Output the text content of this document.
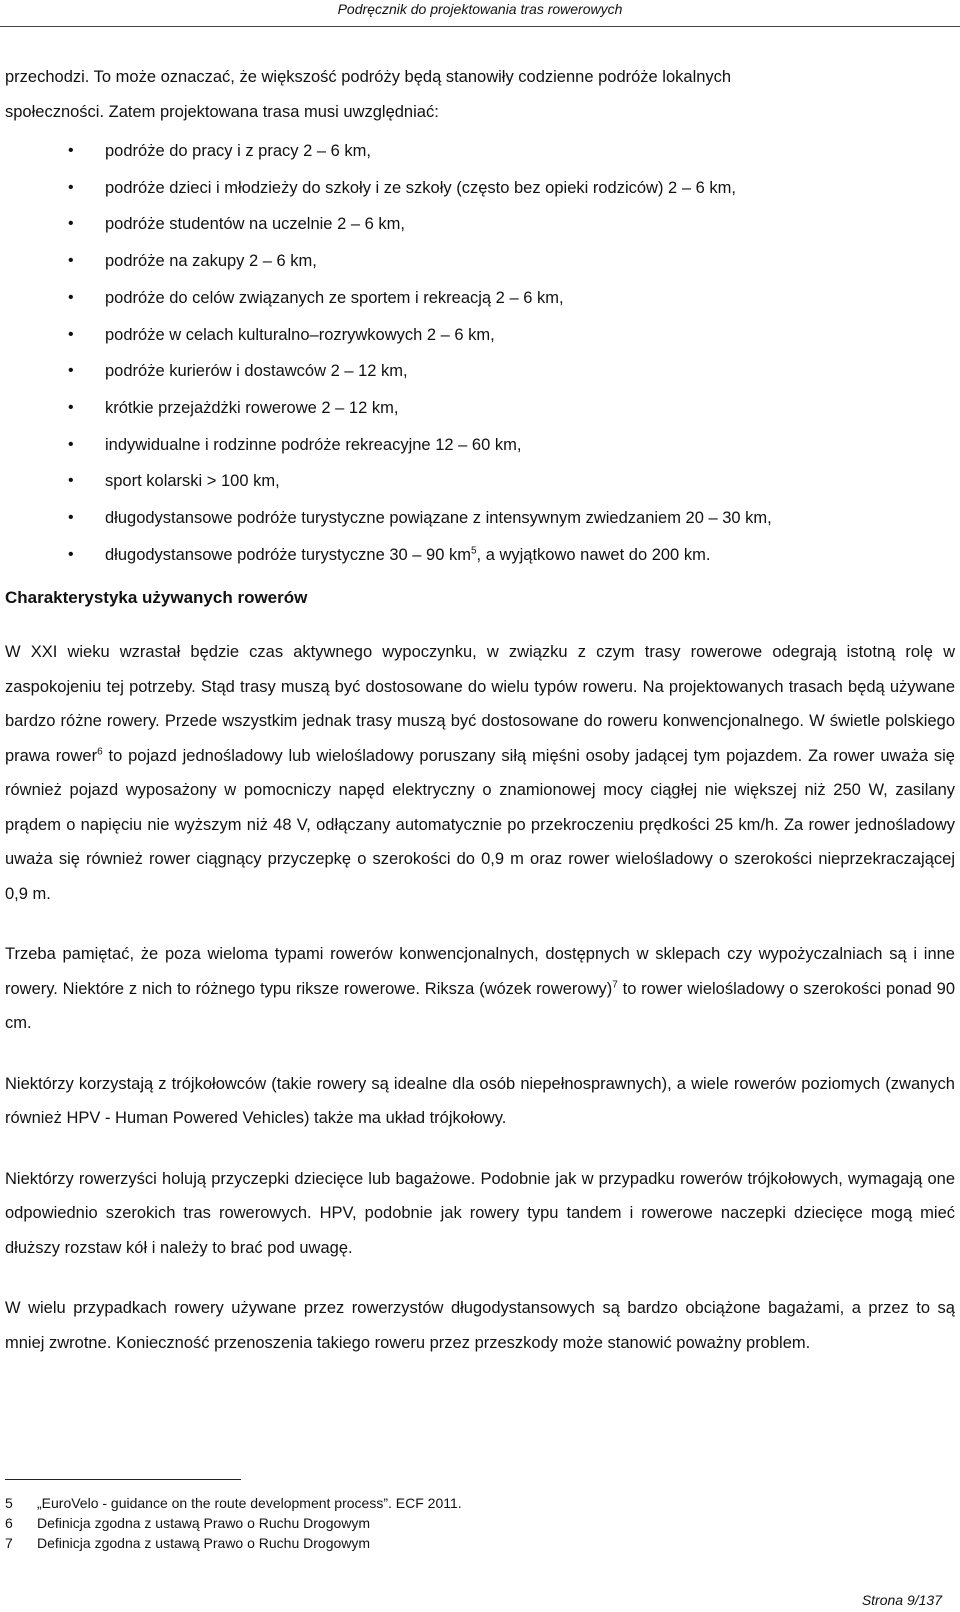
Podręcznik do projektowania tras rowerowych

przechodzi. To może oznaczać, że większość podróży będą stanowiły codzienne podróże lokalnych
społeczności. Zatem projektowana trasa musi uwzględniać:

• podróże do pracy i z pracy 2 – 6 km,
• podróże dzieci i młodzieży do szkoły i ze szkoły (często bez opieki rodziców) 2 – 6 km,
• podróże studentów na uczelnie 2 – 6 km,
• podróże na zakupy 2 – 6 km,
• podróże do celów związanych ze sportem i rekreacją 2 – 6 km,
• podróże w celach kulturalno–rozrywkowych 2 – 6 km,
• podróże kurierów i dostawców 2 – 12 km,
• krótkie przejażdżki rowerowe 2 – 12 km,
• indywidualne i rodzinne podróże rekreacyjne 12 – 60 km,
• sport kolarski > 100 km,
• długodystansowe podróże turystyczne powiązane z intensywnym zwiedzaniem 20 – 30 km,
• długodystansowe podróże turystyczne 30 – 90 $km^5$, a wyjątkowo nawet do 200 km.
Charakterystyka używanych rowerów

W XXI wieku wzrastał będzie czas aktywnego wypoczynku, w związku z czym trasy rowerowe odegrają istotną rolę w zaspokojeniu tej potrzeby. Stąd trasy muszą być dostosowane do wielu typów roweru. Na projektowanych trasach będą używane bardzo różne rowery. Przede wszystkim jednak trasy muszą być dostosowane do roweru konwencjonalnego. W świetle polskiego prawa rower$^6$ to pojazd jednośladowy lub wielośladowy poruszany siłą mięśni osoby jadącej tym pojazdem. Za rower uważa się również pojazd wyposażony w pomocniczy napęd elektryczny o znamionowej mocy ciągłej nie większej niż 250 W, zasilany prądem o napięciu nie wyższym niż 48 V, odłączany automatycznie po przekroczeniu prędkości 25 km/h. Za rower jednośladowy uważa się również rower ciągnący przyczepkę o szerokości do 0,9 m oraz rower wielośladowy o szerokości nieprzekraczającej 0,9 m.

Trzeba pamiętać, że poza wieloma typami rowerów konwencjonalnych, dostępnych w sklepach czy wypożyczalniach są i inne rowery. Niektóre z nich to różnego typu riksze rowerowe. Riksza (wózek rowerowy)$^7$ to rower wielośladowy o szerokości ponad 90 cm.

Niektórzy korzystają z trójkołowców (takie rowery są idealne dla osób niepełnosprawnych), a wiele rowerów poziomych (zwanych również HPV - Human Powered Vehicles) także ma układ trójkołowy.

Niektórzy rowerzyści holują przyczepki dziecięce lub bagażowe. Podobnie jak w przypadku rowerów trójkołowych, wymagają one odpowiednio szerokich tras rowerowych. HPV, podobnie jak rowery typu tandem i rowerowe naczepki dziecięce mogą mieć dłuższy rozstaw kół i należy to brać pod uwagę.

W wielu przypadkach rowery używane przez rowerzystów długodystansowych są bardzo obciążone bagażami, a przez to są mniej zwrotne. Konieczność przenoszenia takiego roweru przez przeszkody może stanowić poważny problem.

5 „EuroVelo - guidance on the route development process”. ECF 2011.
6 Definicja zgodna z ustawą Prawo o Ruchu Drogowym
7 Definicja zgodna z ustawą Prawo o Ruchu Drogowym
Strona 9/137
